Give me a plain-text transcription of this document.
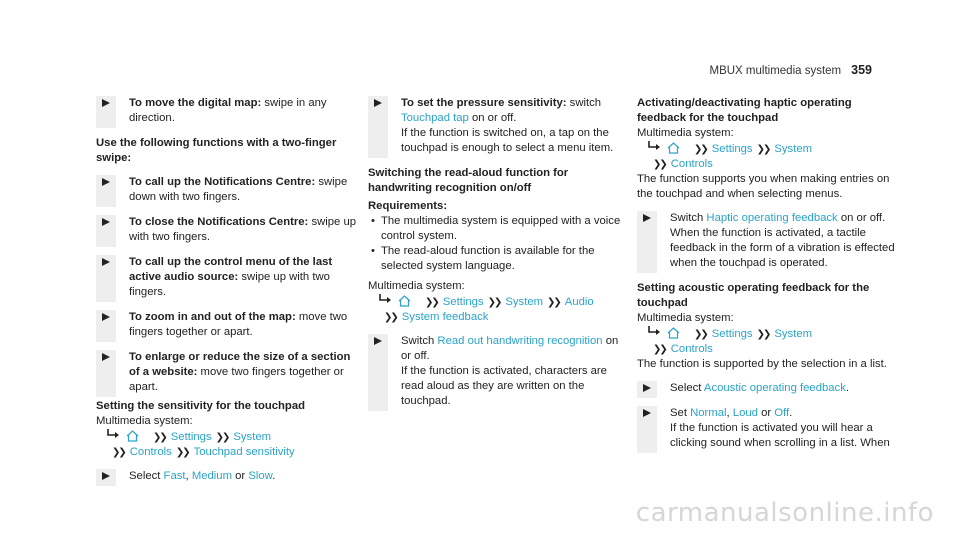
MBUX multimedia system 359
To move the digital map: swipe in any direction.
Use the following functions with a two-finger swipe:
To call up the Notifications Centre: swipe down with two fingers.
To close the Notifications Centre: swipe up with two fingers.
To call up the control menu of the last active audio source: swipe up with two fingers.
To zoom in and out of the map: move two fingers together or apart.
To enlarge or reduce the size of a section of a website: move two fingers together or apart.
Setting the sensitivity for the touchpad
Multimedia system:
❯❯ Settings ❯❯ System
❯❯ Controls ❯❯ Touchpad sensitivity
Select Fast, Medium or Slow.
To set the pressure sensitivity: switch Touchpad tap on or off.
If the function is switched on, a tap on the touchpad is enough to select a menu item.
Switching the read-aloud function for handwriting recognition on/off
Requirements:
• The multimedia system is equipped with a voice control system.
• The read-aloud function is available for the selected system language.
Multimedia system:
❯❯ Settings ❯❯ System ❯❯ Audio
❯❯ System feedback
Switch Read out handwriting recognition on or off.
If the function is activated, characters are read aloud as they are written on the touchpad.
Activating/deactivating haptic operating feedback for the touchpad
Multimedia system:
❯❯ Settings ❯❯ System
❯❯ Controls
The function supports you when making entries on the touchpad and when selecting menus.
Switch Haptic operating feedback on or off.
When the function is activated, a tactile feedback in the form of a vibration is effected when the touchpad is operated.
Setting acoustic operating feedback for the touchpad
Multimedia system:
❯❯ Settings ❯❯ System
❯❯ Controls
The function is supported by the selection in a list.
Select Acoustic operating feedback.
Set Normal, Loud or Off.
If the function is activated you will hear a clicking sound when scrolling in a list. When
carmanualsonline.info
